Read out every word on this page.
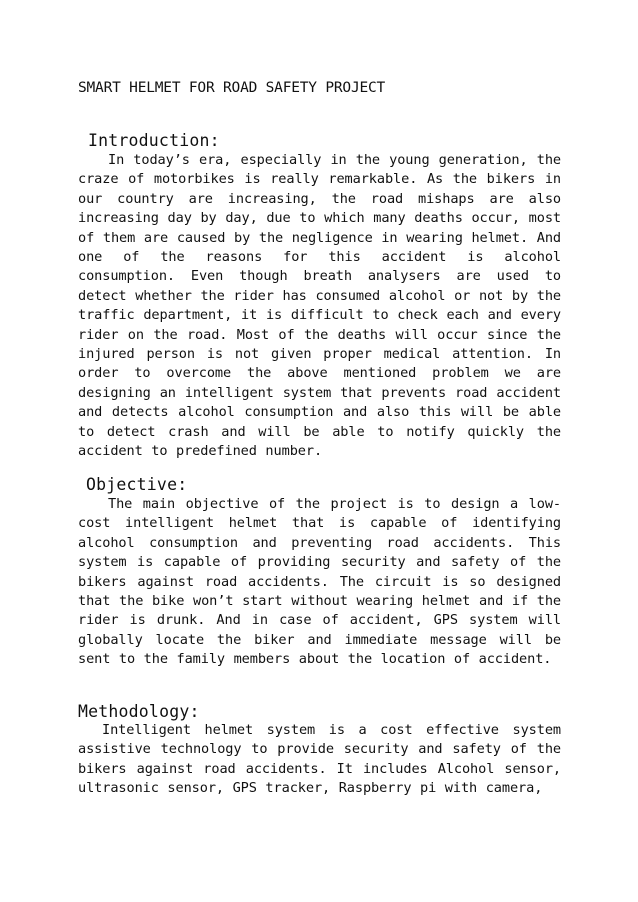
SMART HELMET FOR ROAD SAFETY PROJECT
Introduction:

In today’s era, especially in the young generation, the craze of motorbikes is really remarkable. As the bikers in our country are increasing, the road mishaps are also increasing day by day, due to which many deaths occur, most of them are caused by the negligence in wearing helmet. And one of the reasons for this accident is alcohol consumption. Even though breath analysers are used to detect whether the rider has consumed alcohol or not by the traffic department, it is difficult to check each and every rider on the road. Most of the deaths will occur since the injured person is not given proper medical attention. In order to overcome the above mentioned problem we are designing an intelligent system that prevents road accident and detects alcohol consumption and also this will be able to detect crash and will be able to notify quickly the accident to predefined number.

Objective:

The main objective of the project is to design a low-cost intelligent helmet that is capable of identifying alcohol consumption and preventing road accidents. This system is capable of providing security and safety of the bikers against road accidents. The circuit is so designed that the bike won’t start without wearing helmet and if the rider is drunk. And in case of accident, GPS system will globally locate the biker and immediate message will be sent to the family members about the location of accident.

Methodology:

Intelligent helmet system is a cost effective system assistive technology to provide security and safety of the bikers against road accidents. It includes Alcohol sensor, ultrasonic sensor, GPS tracker, Raspberry pi with camera,
